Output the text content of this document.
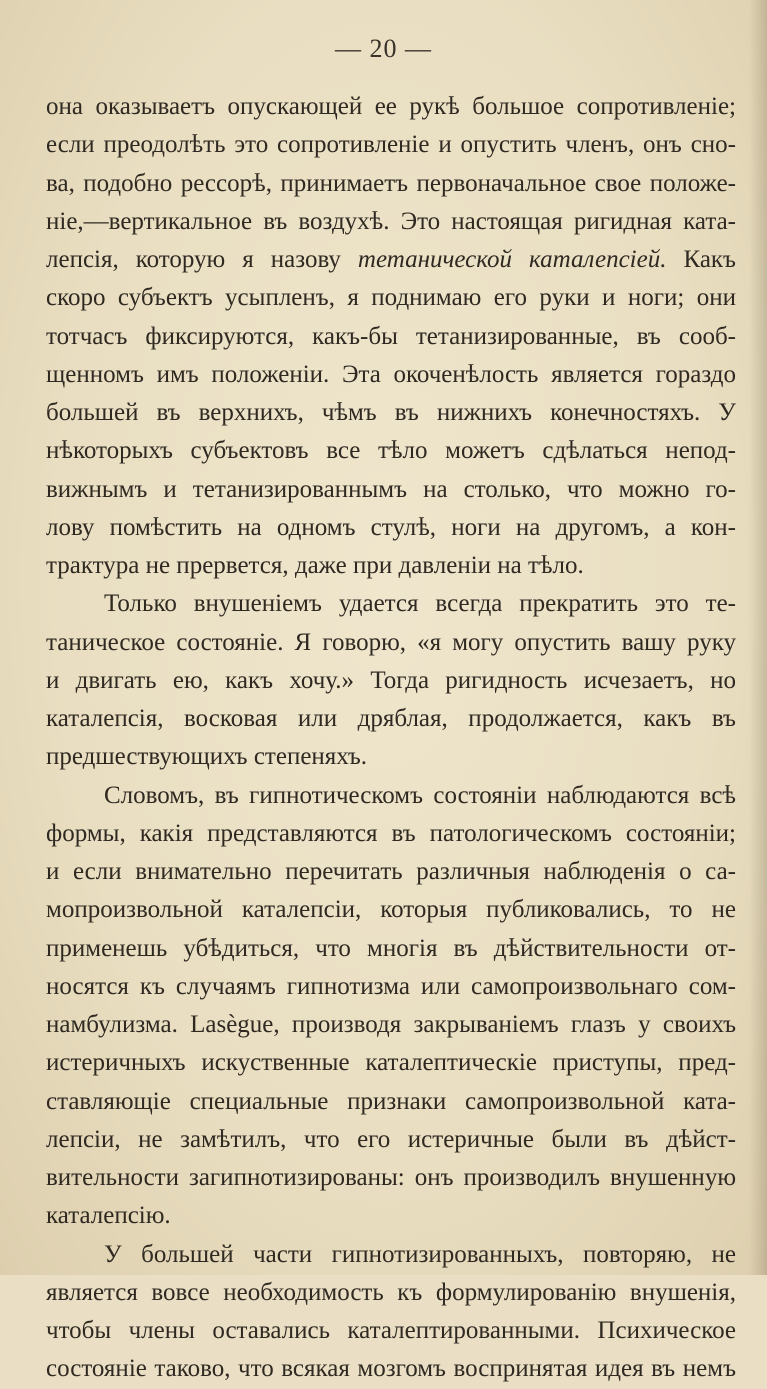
— 20 —
она оказываетъ опускающей ее рукѣ большое сопротивленіе;
если преодолѣть это сопротивленіе и опустить членъ, онъ сно-
ва, подобно рессорѣ, принимаетъ первоначальное свое положе-
ніе,—вертикальное въ воздухѣ. Это настоящая ригидная ката-
лепсія, которую я назову тетанической каталепсіей. Какъ
скоро субъектъ усыпленъ, я поднимаю его руки и ноги; они
тотчасъ фиксируются, какъ-бы тетанизированные, въ сооб-
щенномъ имъ положеніи. Эта окоченѣлость является гораздо
большей въ верхнихъ, чѣмъ въ нижнихъ конечностяхъ. У
нѣкоторыхъ субъектовъ все тѣло можетъ сдѣлаться непод-
вижнымъ и тетанизированнымъ на столько, что можно го-
лову помѣстить на одномъ стулѣ, ноги на другомъ, а кон-
трактура не прервется, даже при давленіи на тѣло.
Только внушеніемъ удается всегда прекратить это те-
таническое состояніе. Я говорю, «я могу опустить вашу руку
и двигать ею, какъ хочу.» Тогда ригидность исчезаетъ, но
каталепсія, восковая или дряблая, продолжается, какъ въ
предшествующихъ степеняхъ.
Словомъ, въ гипнотическомъ состояніи наблюдаются всѣ
формы, какія представляются въ патологическомъ состояніи;
и если внимательно перечитать различныя наблюденія о са-
мопроизвольной каталепсіи, которыя публиковались, то не
применешь убѣдиться, что многія въ дѣйствительности от-
носятся къ случаямъ гипнотизма или самопроизвольнаго сом-
намбулизма. Lasègue, производя закрываніемъ глазъ у своихъ
истеричныхъ искуственные каталептическіе приступы, пред-
ставляющіе специальные признаки самопроизвольной ката-
лепсіи, не замѣтилъ, что его истеричные были въ дѣйст-
вительности загипнотизированы: онъ производилъ внушенную
каталепсію.
У большей части гипнотизированныхъ, повторяю, не
является вовсе необходимость къ формулированію внушенія,
чтобы члены оставались каталептированными. Психическое
состояніе таково, что всякая мозгомъ воспринятая идея въ немъ
